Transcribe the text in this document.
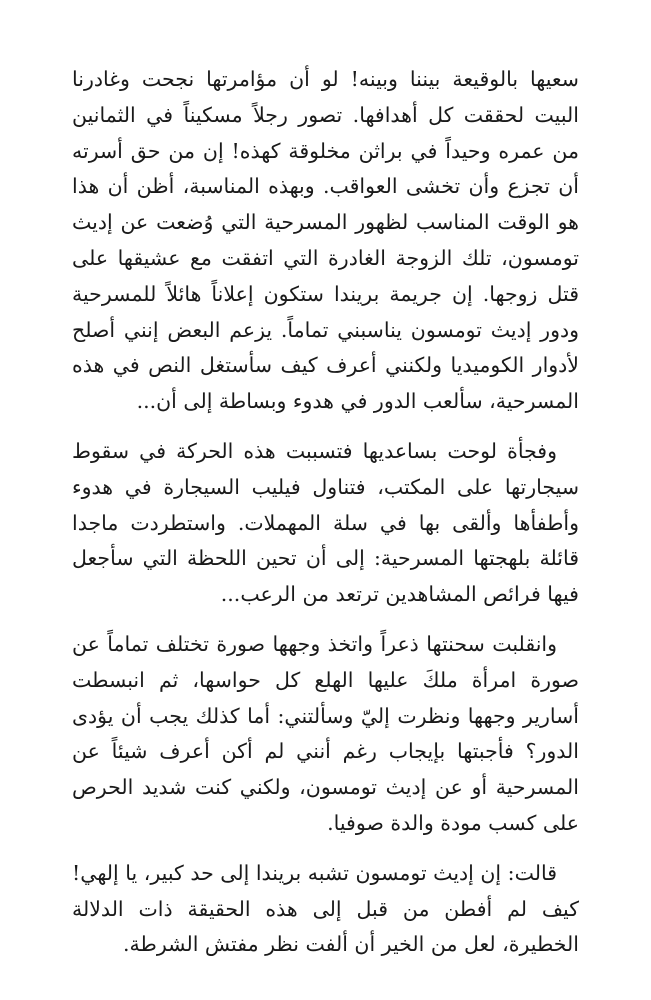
سعيها بالوقيعة بيننا وبينه! لو أن مؤامرتها نجحت وغادرنا البيت لحققت كل أهدافها. تصور رجلاً مسكيناً في الثمانين من عمره وحيداً في براثن مخلوقة كهذه! إن من حق أسرته أن تجزع وأن تخشى العواقب. وبهذه المناسبة، أظن أن هذا هو الوقت المناسب لظهور المسرحية التي وُضعت عن إديث تومسون، تلك الزوجة الغادرة التي اتفقت مع عشيقها على قتل زوجها. إن جريمة بريندا ستكون إعلاناً هائلاً للمسرحية ودور إديث تومسون يناسبني تماماً. يزعم البعض إنني أصلح لأدوار الكوميديا ولكنني أعرف كيف سأستغل النص في هذه المسرحية، سألعب الدور في هدوء وبساطة إلى أن...

وفجأة لوحت بساعديها فتسببت هذه الحركة في سقوط سيجارتها على المكتب، فتناول فيليب السيجارة في هدوء وأطفأها وألقى بها في سلة المهملات. واستطردت ماجدا قائلة بلهجتها المسرحية: إلى أن تحين اللحظة التي سأجعل فيها فرائص المشاهدين ترتعد من الرعب...

وانقلبت سحنتها ذعراً واتخذ وجهها صورة تختلف تماماً عن صورة امرأة ملكَ عليها الهلع كل حواسها، ثم انبسطت أسارير وجهها ونظرت إليّ وسألتني: أما كذلك يجب أن يؤدى الدور؟ فأجبتها بإيجاب رغم أنني لم أكن أعرف شيئاً عن المسرحية أو عن إديث تومسون، ولكني كنت شديد الحرص على كسب مودة والدة صوفيا.

قالت: إن إديث تومسون تشبه بريندا إلى حد كبير، يا إلهي! كيف لم أفطن من قبل إلى هذه الحقيقة ذات الدلالة الخطيرة، لعل من الخير أن ألفت نظر مفتش الشرطة.
